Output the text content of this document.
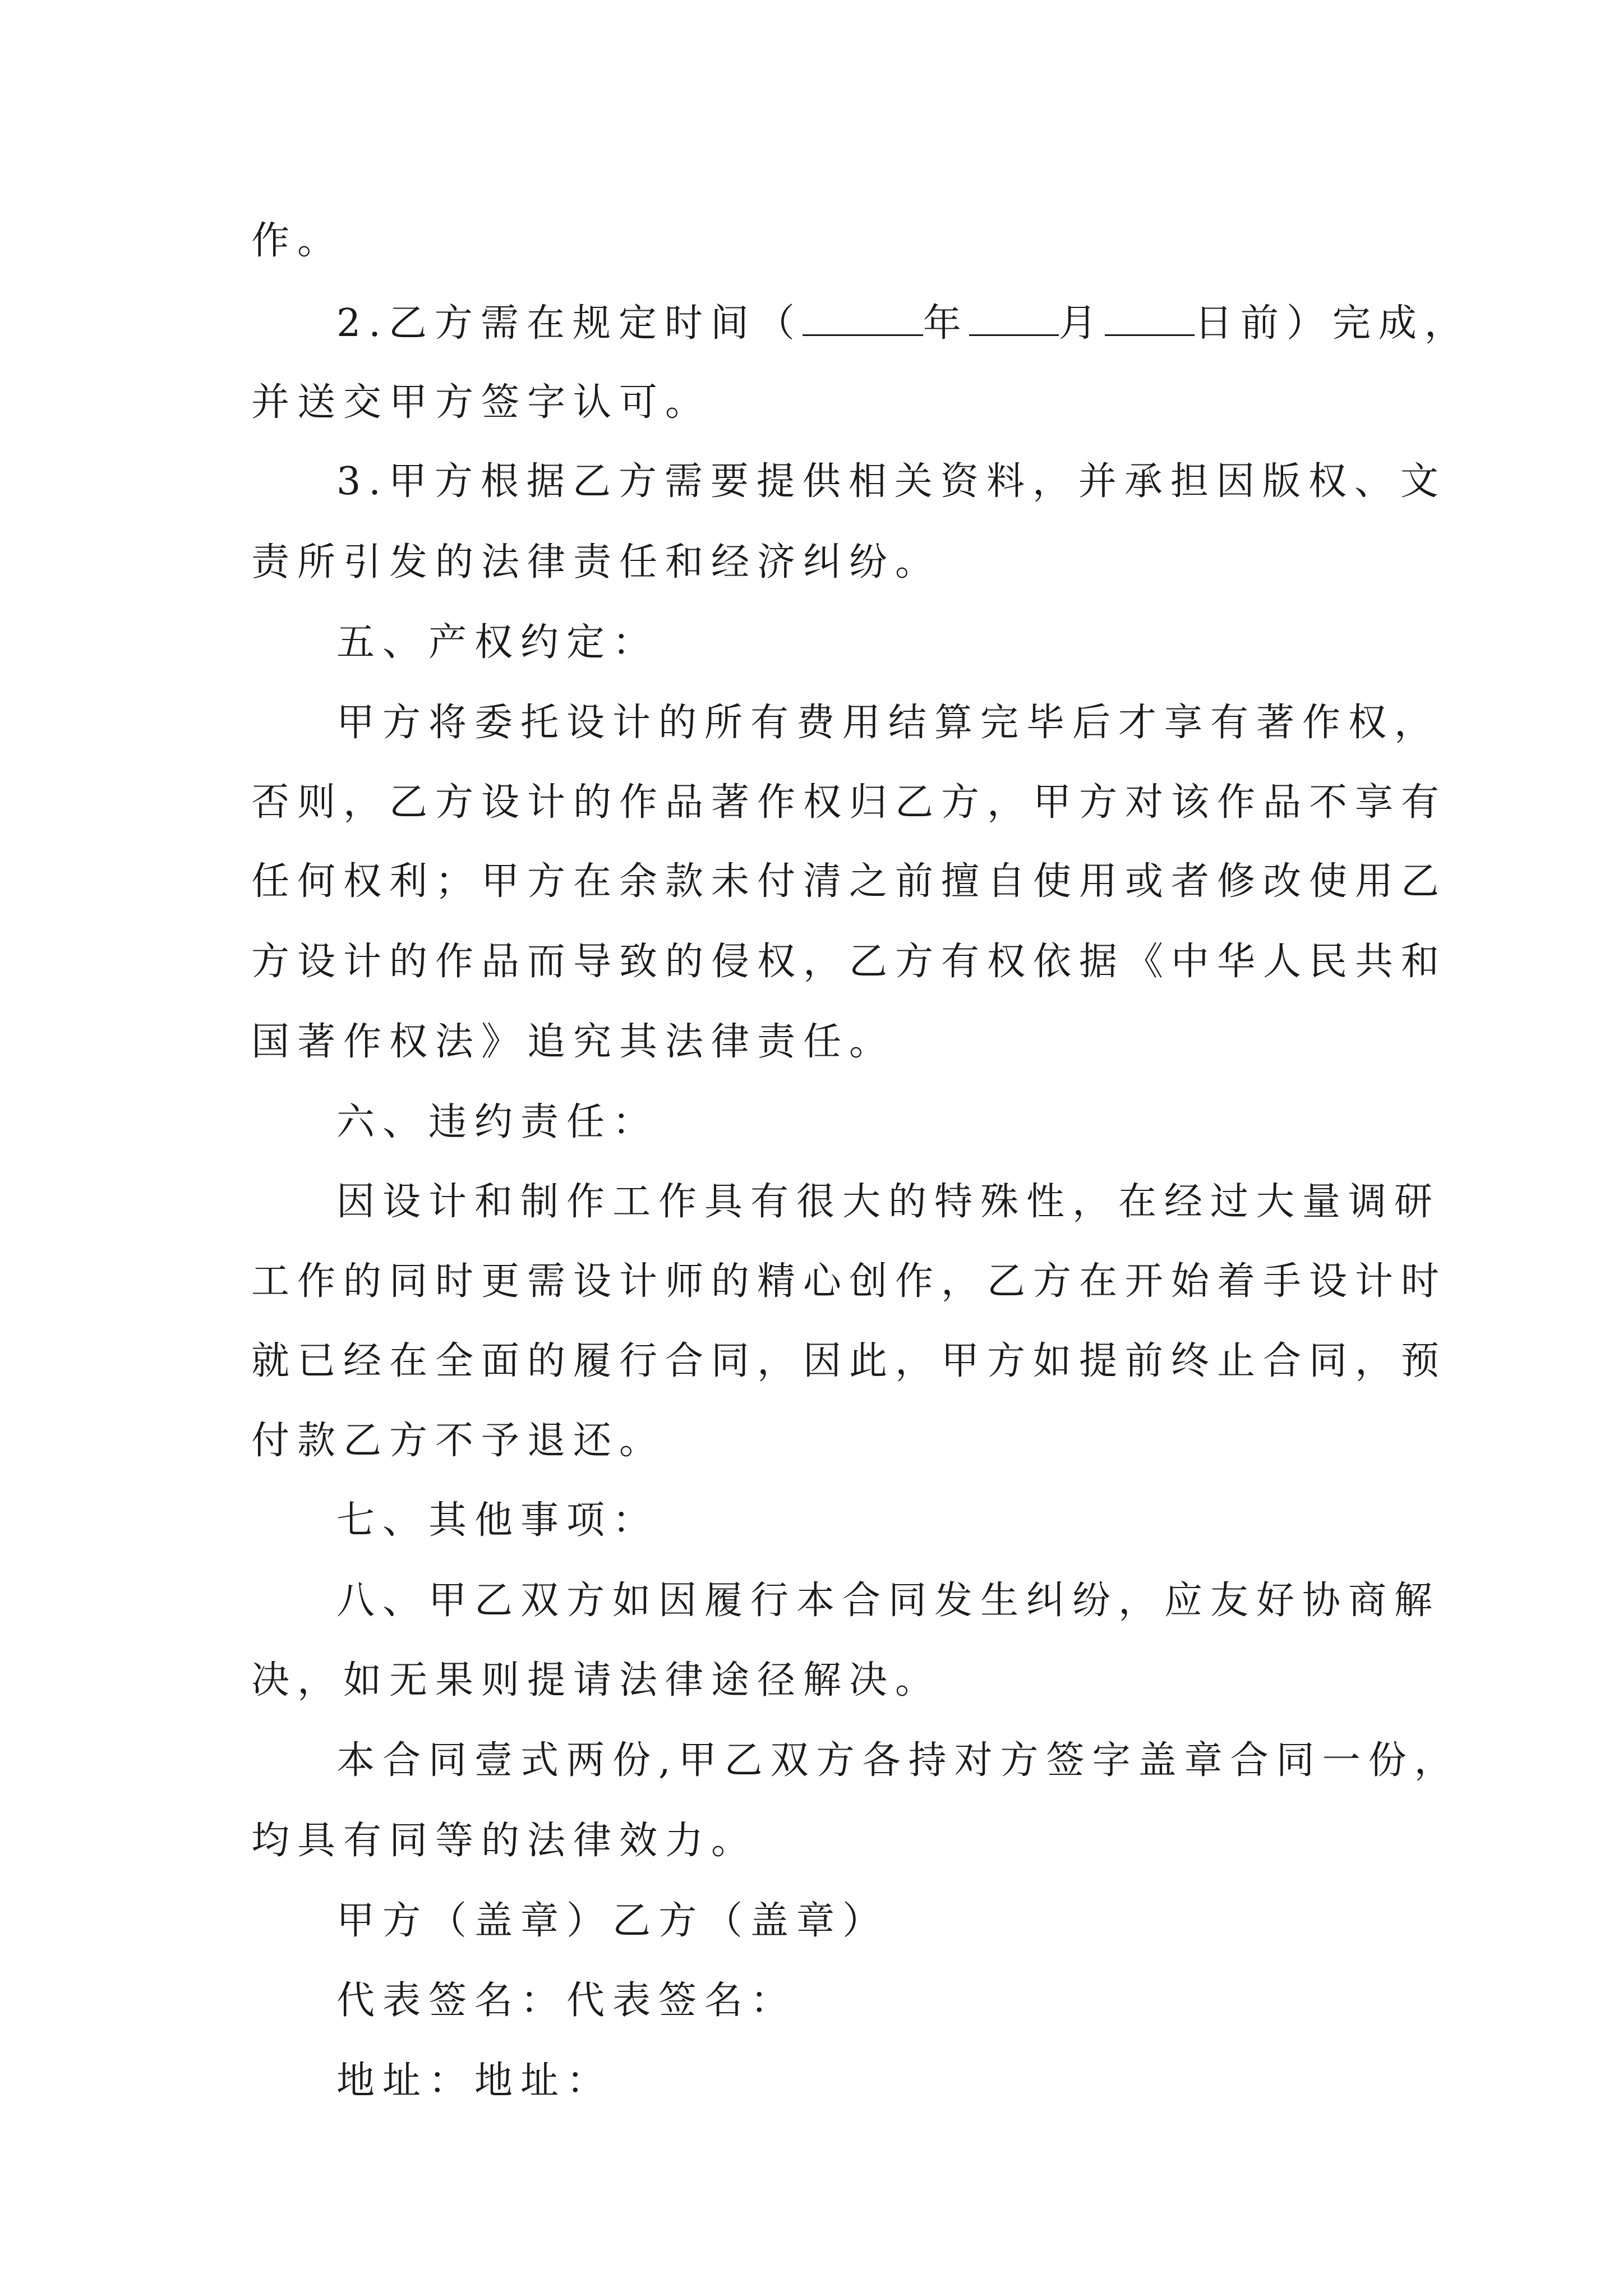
作。
2.乙方需在规定时间（	年 月 日前）完成，
并送交甲方签字认可。
3.甲方根据乙方需要提供相关资料，并承担因版权、文
责所引发的法律责任和经济纠纷。
五、产权约定：
甲方将委托设计的所有费用结算完毕后才享有著作权，
否则，乙方设计的作品著作权归乙方，甲方对该作品不享有
任何权利；甲方在余款未付清之前擅自使用或者修改使用乙
方设计的作品而导致的侵权，乙方有权依据《中华人民共和
国著作权法》追究其法律责任。
六、违约责任：
因设计和制作工作具有很大的特殊性，在经过大量调研
工作的同时更需设计师的精心创作，乙方在开始着手设计时
就已经在全面的履行合同，因此，甲方如提前终止合同，预
付款乙方不予退还。
七、其他事项：
八、甲乙双方如因履行本合同发生纠纷，应友好协商解
决，如无果则提请法律途径解决。
本合同壹式两份,甲乙双方各持对方签字盖章合同一份，
均具有同等的法律效力。
甲方（盖章）乙方（盖章）
代表签名：代表签名：
地址：地址：
